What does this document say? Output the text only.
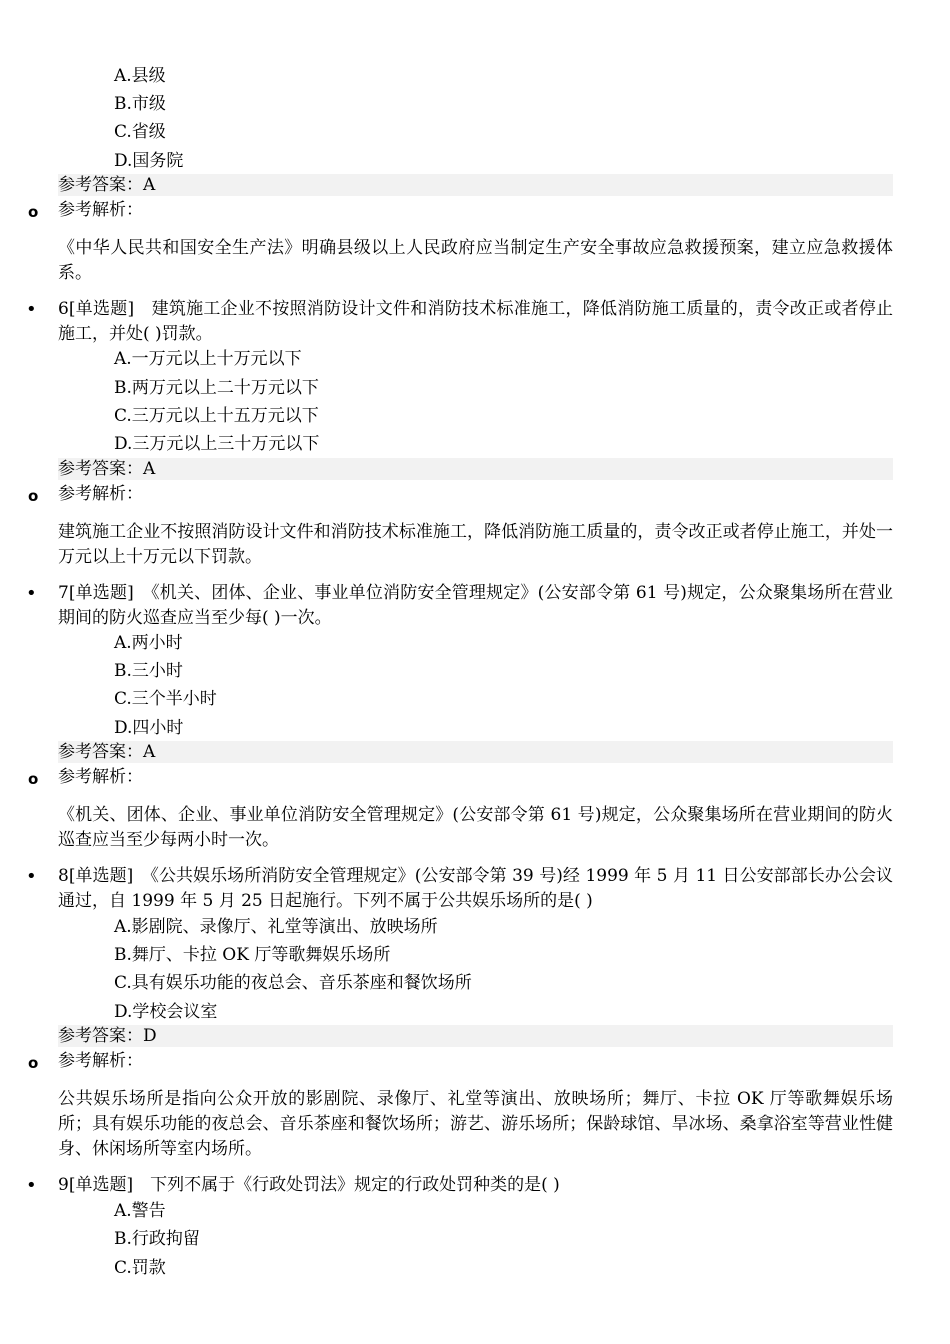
A.县级
B.市级
C.省级
D.国务院
参考答案：A
o 参考解析：
《中华人民共和国安全生产法》明确县级以上人民政府应当制定生产安全事故应急救援预案，建立应急救援体系。
• 6[单选题]　建筑施工企业不按照消防设计文件和消防技术标准施工，降低消防施工质量的，责令改正或者停止施工，并处( )罚款。
A.一万元以上十万元以下
B.两万元以上二十万元以下
C.三万元以上十五万元以下
D.三万元以上三十万元以下
参考答案：A
o 参考解析：
建筑施工企业不按照消防设计文件和消防技术标准施工，降低消防施工质量的，责令改正或者停止施工，并处一万元以上十万元以下罚款。
• 7[单选题]　《机关、团体、企业、事业单位消防安全管理规定》(公安部令第 61 号)规定，公众聚集场所在营业期间的防火巡查应当至少每( )一次。
A.两小时
B.三小时
C.三个半小时
D.四小时
参考答案：A
o 参考解析：
《机关、团体、企业、事业单位消防安全管理规定》(公安部令第 61 号)规定，公众聚集场所在营业期间的防火巡查应当至少每两小时一次。
• 8[单选题]　《公共娱乐场所消防安全管理规定》(公安部令第 39 号)经 1999 年 5 月 11 日公安部部长办公会议通过，自 1999 年 5 月 25 日起施行。下列不属于公共娱乐场所的是( )
A.影剧院、录像厅、礼堂等演出、放映场所
B.舞厅、卡拉 OK 厅等歌舞娱乐场所
C.具有娱乐功能的夜总会、音乐茶座和餐饮场所
D.学校会议室
参考答案：D
o 参考解析：
公共娱乐场所是指向公众开放的影剧院、录像厅、礼堂等演出、放映场所；舞厅、卡拉 OK 厅等歌舞娱乐场所；具有娱乐功能的夜总会、音乐茶座和餐饮场所；游艺、游乐场所；保龄球馆、旱冰场、桑拿浴室等营业性健身、休闲场所等室内场所。
• 9[单选题]　下列不属于《行政处罚法》规定的行政处罚种类的是( )
A.警告
B.行政拘留
C.罚款
